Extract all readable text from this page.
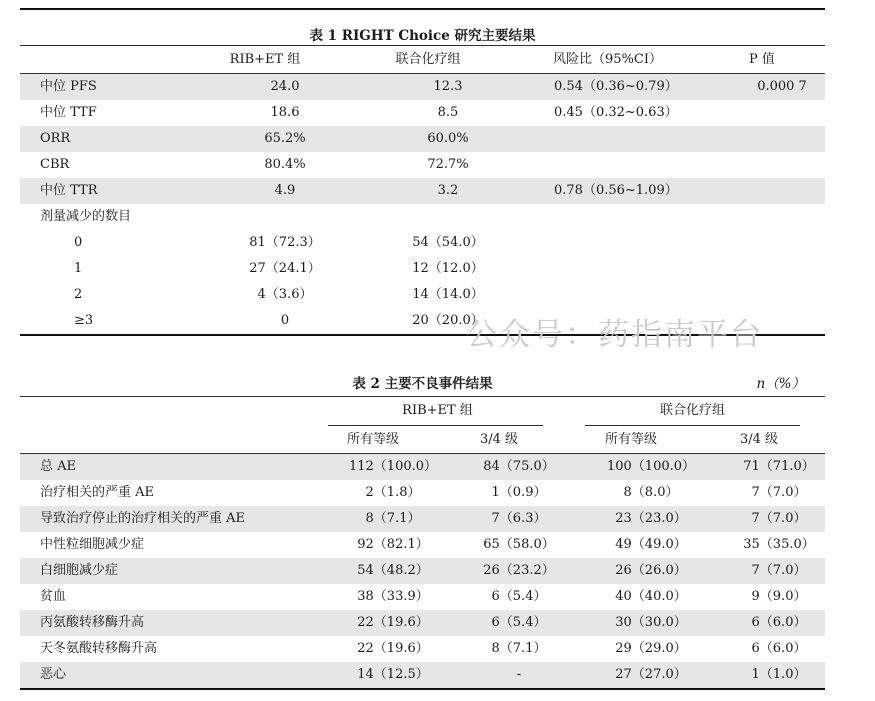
表 1 RIGHT Choice 研究主要结果
RIB+ET 组	联合化疗组	风险比（95%CI）	P 值
中位 PFS	24.0	12.3	0.54（0.36~0.79）	0.000 7
中位 TTF	18.6	8.5	0.45（0.32~0.63）
ORR	65.2%	60.0%
CBR	80.4%	72.7%
中位 TTR	4.9	3.2	0.78（0.56~1.09）
剂量减少的数目
0	81（72.3）	54（54.0）
1	27（24.1）	12（12.0）
2	4（3.6）	14（14.0）
≥3	0	20（20.0）
公众号：药指南平台
表 2 主要不良事件结果	n（%）
RIB+ET 组	联合化疗组
所有等级	3/4 级	所有等级	3/4 级
总 AE	112（100.0）	84（75.0）	100（100.0）	71（71.0）
治疗相关的严重 AE	2（1.8）	1（0.9）	8（8.0）	7（7.0）
导致治疗停止的治疗相关的严重 AE	8（7.1）	7（6.3）	23（23.0）	7（7.0）
中性粒细胞减少症	92（82.1）	65（58.0）	49（49.0）	35（35.0）
白细胞减少症	54（48.2）	26（23.2）	26（26.0）	7（7.0）
贫血	38（33.9）	6（5.4）	40（40.0）	9（9.0）
丙氨酸转移酶升高	22（19.6）	6（5.4）	30（30.0）	6（6.0）
天冬氨酸转移酶升高	22（19.6）	8（7.1）	29（29.0）	6（6.0）
恶心	14（12.5）	-	27（27.0）	1（1.0）
